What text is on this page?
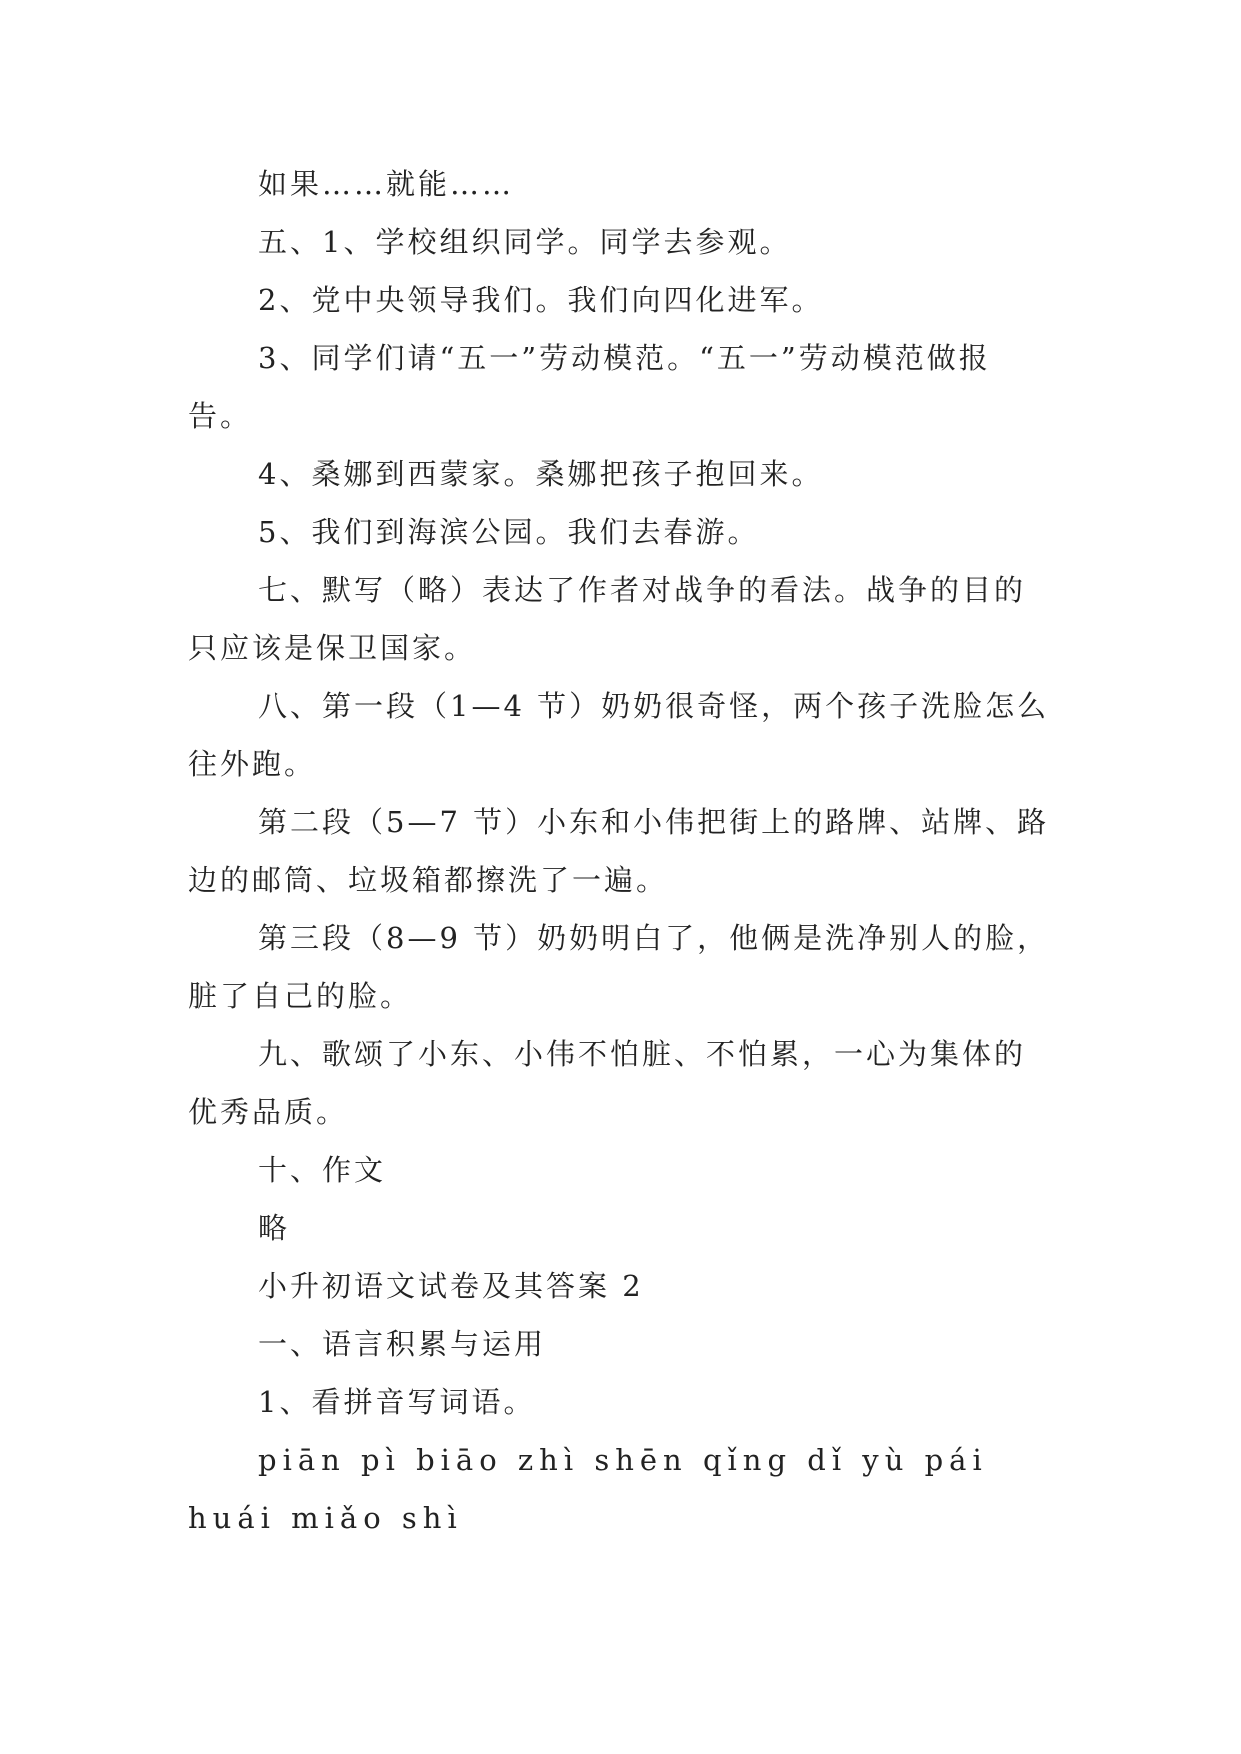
如果……就能……
五、1、学校组织同学。同学去参观。
2、党中央领导我们。我们向四化进军。
3、同学们请“五一”劳动模范。“五一”劳动模范做报
告。
4、桑娜到西蒙家。桑娜把孩子抱回来。
5、我们到海滨公园。我们去春游。
七、默写（略）表达了作者对战争的看法。战争的目的
只应该是保卫国家。
八、第一段（1—4 节）奶奶很奇怪，两个孩子洗脸怎么
往外跑。
第二段（5—7 节）小东和小伟把街上的路牌、站牌、路
边的邮筒、垃圾箱都擦洗了一遍。
第三段（8—9 节）奶奶明白了，他俩是洗净别人的脸，
脏了自己的脸。
九、歌颂了小东、小伟不怕脏、不怕累，一心为集体的
优秀品质。
十、作文
略
小升初语文试卷及其答案 2
一、语言积累与运用
1、看拼音写词语。
piān pì biāo zhì shēn qǐng dǐ yù pái
huái miǎo shì
